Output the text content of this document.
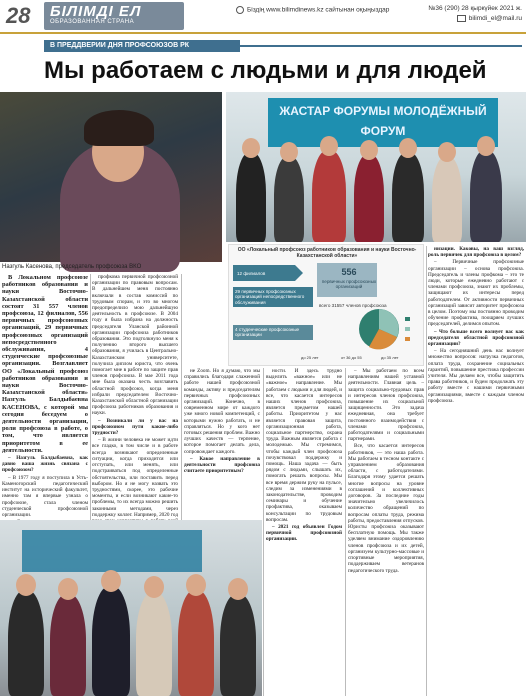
28	БІЛІМДІ ЕЛ
ОБРАЗОВАННАЯ СТРАНА
Біздің www.bilimdinews.kz сайтынан оқыңыздар	№36 (290) 28 қыркүйек 2021 ж.
bilimdi_el@mail.ru
В ПРЕДДВЕРИИ ДНЯ ПРОФСОЮЗОВ РК
Мы работаем с людьми и для людей
Назгуль Касенова, председатель профсоюза ВКО
ЖАСТАР ФОРУМЫ МОЛОДЁЖНЫЙ ФОРУМ
ОО «Локальный профсоюз работников образования и науки Восточно-Казахстанской области»
12 филиалов	556
первичных профсоюзных организаций
всего 31557 членов профсоюза
29 первичных профсоюзных организаций непосредственного обслуживания
4 студенческие профсоюзные организации
до 35 лет
от 36 до 55
до 25 лет

В Локальном профсоюзе работников образования и науки Восточно-Казахстанской области состоят 31 557 членов профсоюза, 12 филиалов, 556 первичных профсоюзных организаций, 29 первичных профсоюзных организаций непосредственного обслуживания, 4 студенческие профсоюзные организации. Возглавляет ОО «Локальный профсоюз работников образования и науки Восточно-Казахстанской области» Назгуль Балдыбаевна КАСЕНОВА, с которой мы сегодня беседуем о деятельности организации, роли профсоюза в работе, о том, что является приоритетом в ее деятельности.

– Назгуль Балдыбаевна, как давно ваша жизнь связана с профсоюзом?

– В 1977 году я поступила в Усть-Каменогорский педагогический институт на исторический факультет, именно там я впервые узнала о профсоюзе, стала членом студенческой профсоюзной организации.

профкома первичной профсоюзной организации по правовым вопросам. В дальнейшем меня постоянно включали в состав комиссий по трудовым спорам, и это во многом предопределило мою дальнейшую деятельность в профсоюзе. В 2004 году я была избрана на должность председателя Уланской районной организации профсоюза работников образования. Это подтолкнуло меня к получению второго высшего образования, я училась в Центрально-Казахстанском университете, получила диплом юриста, что очень помогает мне в работе по защите прав членов профсоюза. В мае 2011 года мне была оказана честь возглавить областной профсоюз, когда меня избрали председателем Восточно-Казахстанской областной организации профсоюза работников образования и науки.

– Возникали ли у вас на профсоюзном пути какие-либо трудности?

– В жизни человека не может идти все гладко, в том числе и в работе всегда возникают определенные ситуации, когда приходится или отступать, или менять, или подстраиваться под определенные обстоятельства, или поставить перед выбором. Но я не могу назвать это трудностями, скорее, это рабочие моменты, и если возникают какие-то проблемы, то их всегда можно решить законными методами, через поддержку коллег. Например, 2020 год

не Zoom. Но я думаю, что мы справились благодаря слаженной работе нашей профсоюзной команды, активу и председателям первичных профсоюзных организаций. Конечно, в современном мире от каждого уже много новой компетенций, с которыми нужно работать, и не справляться. Но у кого нет готовых решения проблем. Важно лучших качеств — терпение, которое помогает делать дела, сопровождает каждого.

– Какое направление в деятельности профсоюза считаете приоритетным?

ности. И здесь трудно выделить «важное» или не «важное» направление. Мы работаем с людьми и для людей, и все, что касается интересов наших членов профсоюза, является предметом нашей работы. Приоритетом у нас является правовая защита, организационная работа, социальное партнерство, охрана труда. Важным является работа с молодежью. Мы стремимся, чтобы каждый член профсоюза почувствовал поддержку и помощь. Наша задача — быть рядом с людьми, слышать их, помогать решать вопросы. Мы все время держим руку на пульсе, следим за изменениями в законодательстве, проводим семинары и обучение профактива, оказываем консультации по трудовым вопросам.

– 2021 год объявлен Годом первичной профсоюзной организации.

– Мы работаем по всем направлениям нашей уставной деятельности. Главная цель – защита социально-трудовых прав и интересов членов профсоюза, повышение их социальной защищенности. Это задача ежедневная, она требует постоянного взаимодействия с членами профсоюза, работодателями и социальными партнерами.

Все, что касается интересов работников, — это наша работа. Мы работаем в тесном контакте с управлением образования области, с работодателями. Благодаря этому удается решать многие вопросы на уровне соглашений и коллективных договоров. За последние годы значительно увеличилось количество обращений по вопросам оплаты труда, режима работы, предоставления отпусков. Юристы профсоюза оказывают бесплатную помощь. Мы также уделяем внимание оздоровлению членов профсоюза и их детей, организуем культурно-массовые и спортивные мероприятия, поддерживаем ветеранов педагогического труда.

низации. Каковы, на ваш взгляд, роль первичек для профсоюза в целом?

– Первичные профсоюзные организации – основа профсоюза. Председатель и члены профкома – это те люди, которые ежедневно работают с членами профсоюза, знают их проблемы, защищают их интересы перед работодателем. От активности первичных организаций зависит авторитет профсоюза в целом. Поэтому мы постоянно проводим обучение профактива, поощряем лучших председателей, делимся опытом.

– Что больше всего волнует вас как председателя областной профсоюзной организации?

– На сегодняшний день нас волнует множество вопросов: нагрузка педагогов, оплата труда, сохранение социальных гарантий, повышение престижа профессии учителя. Мы делаем все, чтобы защитить права работников, и будем продолжать эту работу вместе с нашими первичными организациями, вместе с каждым членом профсоюза.
